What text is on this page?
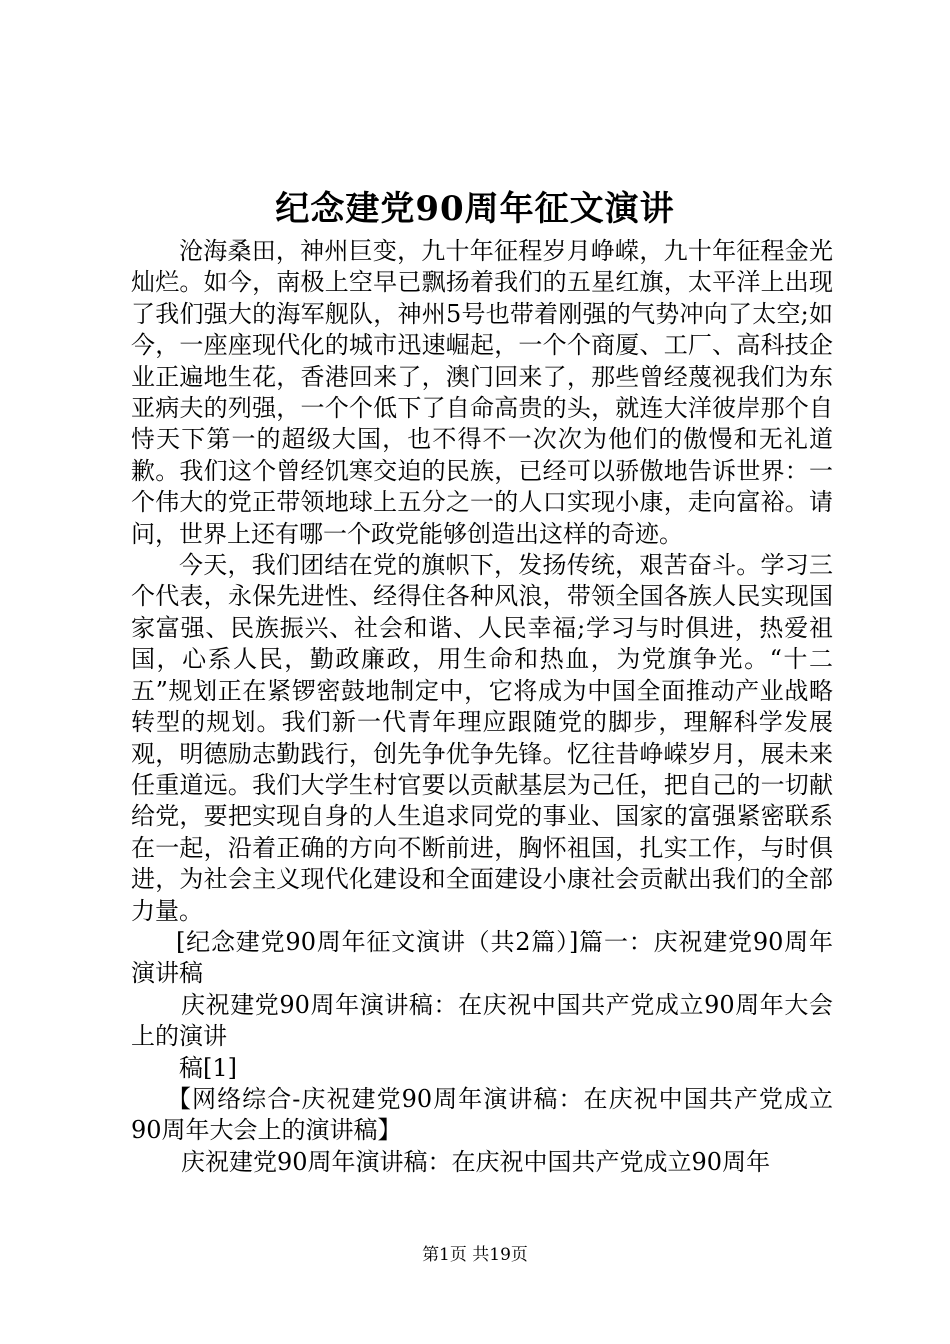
纪念建党90周年征文演讲

沧海桑田，神州巨变，九十年征程岁月峥嵘，九十年征程金光灿烂。如今，南极上空早已飘扬着我们的五星红旗，太平洋上出现了我们强大的海军舰队，神州5号也带着刚强的气势冲向了太空;如今，一座座现代化的城市迅速崛起，一个个商厦、工厂、高科技企业正遍地生花，香港回来了，澳门回来了，那些曾经蔑视我们为东亚病夫的列强，一个个低下了自命高贵的头，就连大洋彼岸那个自恃天下第一的超级大国，也不得不一次次为他们的傲慢和无礼道歉。我们这个曾经饥寒交迫的民族，已经可以骄傲地告诉世界：一个伟大的党正带领地球上五分之一的人口实现小康，走向富裕。请问，世界上还有哪一个政党能够创造出这样的奇迹。

今天，我们团结在党的旗帜下，发扬传统，艰苦奋斗。学习三个代表，永保先进性、经得住各种风浪，带领全国各族人民实现国家富强、民族振兴、社会和谐、人民幸福;学习与时俱进，热爱祖国，心系人民，勤政廉政，用生命和热血，为党旗争光。“十二五”规划正在紧锣密鼓地制定中，它将成为中国全面推动产业战略转型的规划。我们新一代青年理应跟随党的脚步，理解科学发展观，明德励志勤践行，创先争优争先锋。忆往昔峥嵘岁月，展未来任重道远。我们大学生村官要以贡献基层为己任，把自己的一切献给党，要把实现自身的人生追求同党的事业、国家的富强紧密联系在一起，沿着正确的方向不断前进，胸怀祖国，扎实工作，与时俱进，为社会主义现代化建设和全面建设小康社会贡献出我们的全部力量。

[纪念建党90周年征文演讲（共2篇）]篇一：庆祝建党90周年演讲稿

庆祝建党90周年演讲稿：在庆祝中国共产党成立90周年大会上的演讲

稿[1]

【网络综合-庆祝建党90周年演讲稿：在庆祝中国共产党成立90周年大会上的演讲稿】

庆祝建党90周年演讲稿：在庆祝中国共产党成立90周年

第1页 共19页
